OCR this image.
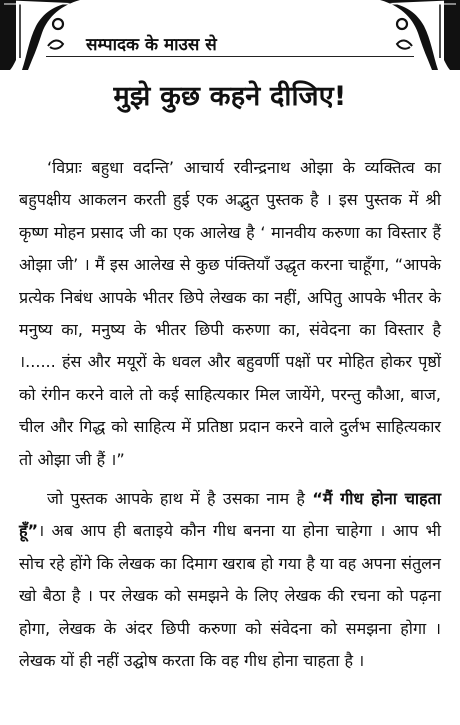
सम्पादक के माउस से
मुझे कुछ कहने दीजिए!

‘विप्राः बहुधा वदन्ति’ आचार्य रवीन्द्रनाथ ओझा के व्यक्तित्व का बहुपक्षीय आकलन करती हुई एक अद्भुत पुस्तक है । इस पुस्तक में श्री कृष्ण मोहन प्रसाद जी का एक आलेख है ‘ मानवीय करुणा का विस्तार हैं ओझा जी’ । मैं इस आलेख से कुछ पंक्तियाँ उद्धृत करना चाहूँगा, “आपके प्रत्येक निबंध आपके भीतर छिपे लेखक का नहीं, अपितु आपके भीतर के मनुष्य का, मनुष्य के भीतर छिपी करुणा का, संवेदना का विस्तार है ।...... हंस और मयूरों के धवल और बहुवर्णी पक्षों पर मोहित होकर पृष्ठों को रंगीन करने वाले तो कई साहित्यकार मिल जायेंगे, परन्तु कौआ, बाज, चील और गिद्ध को साहित्य में प्रतिष्ठा प्रदान करने वाले दुर्लभ साहित्यकार तो ओझा जी हैं ।”

जो पुस्तक आपके हाथ में है उसका नाम है “मैं गीध होना चाहता हूँ”। अब आप ही बताइये कौन गीध बनना या होना चाहेगा । आप भी सोच रहे होंगे कि लेखक का दिमाग खराब हो गया है या वह अपना संतुलन खो बैठा है । पर लेखक को समझने के लिए लेखक की रचना को पढ़ना होगा, लेखक के अंदर छिपी करुणा को संवेदना को समझना होगा । लेखक यों ही नहीं उद्घोष करता कि वह गीध होना चाहता है ।
